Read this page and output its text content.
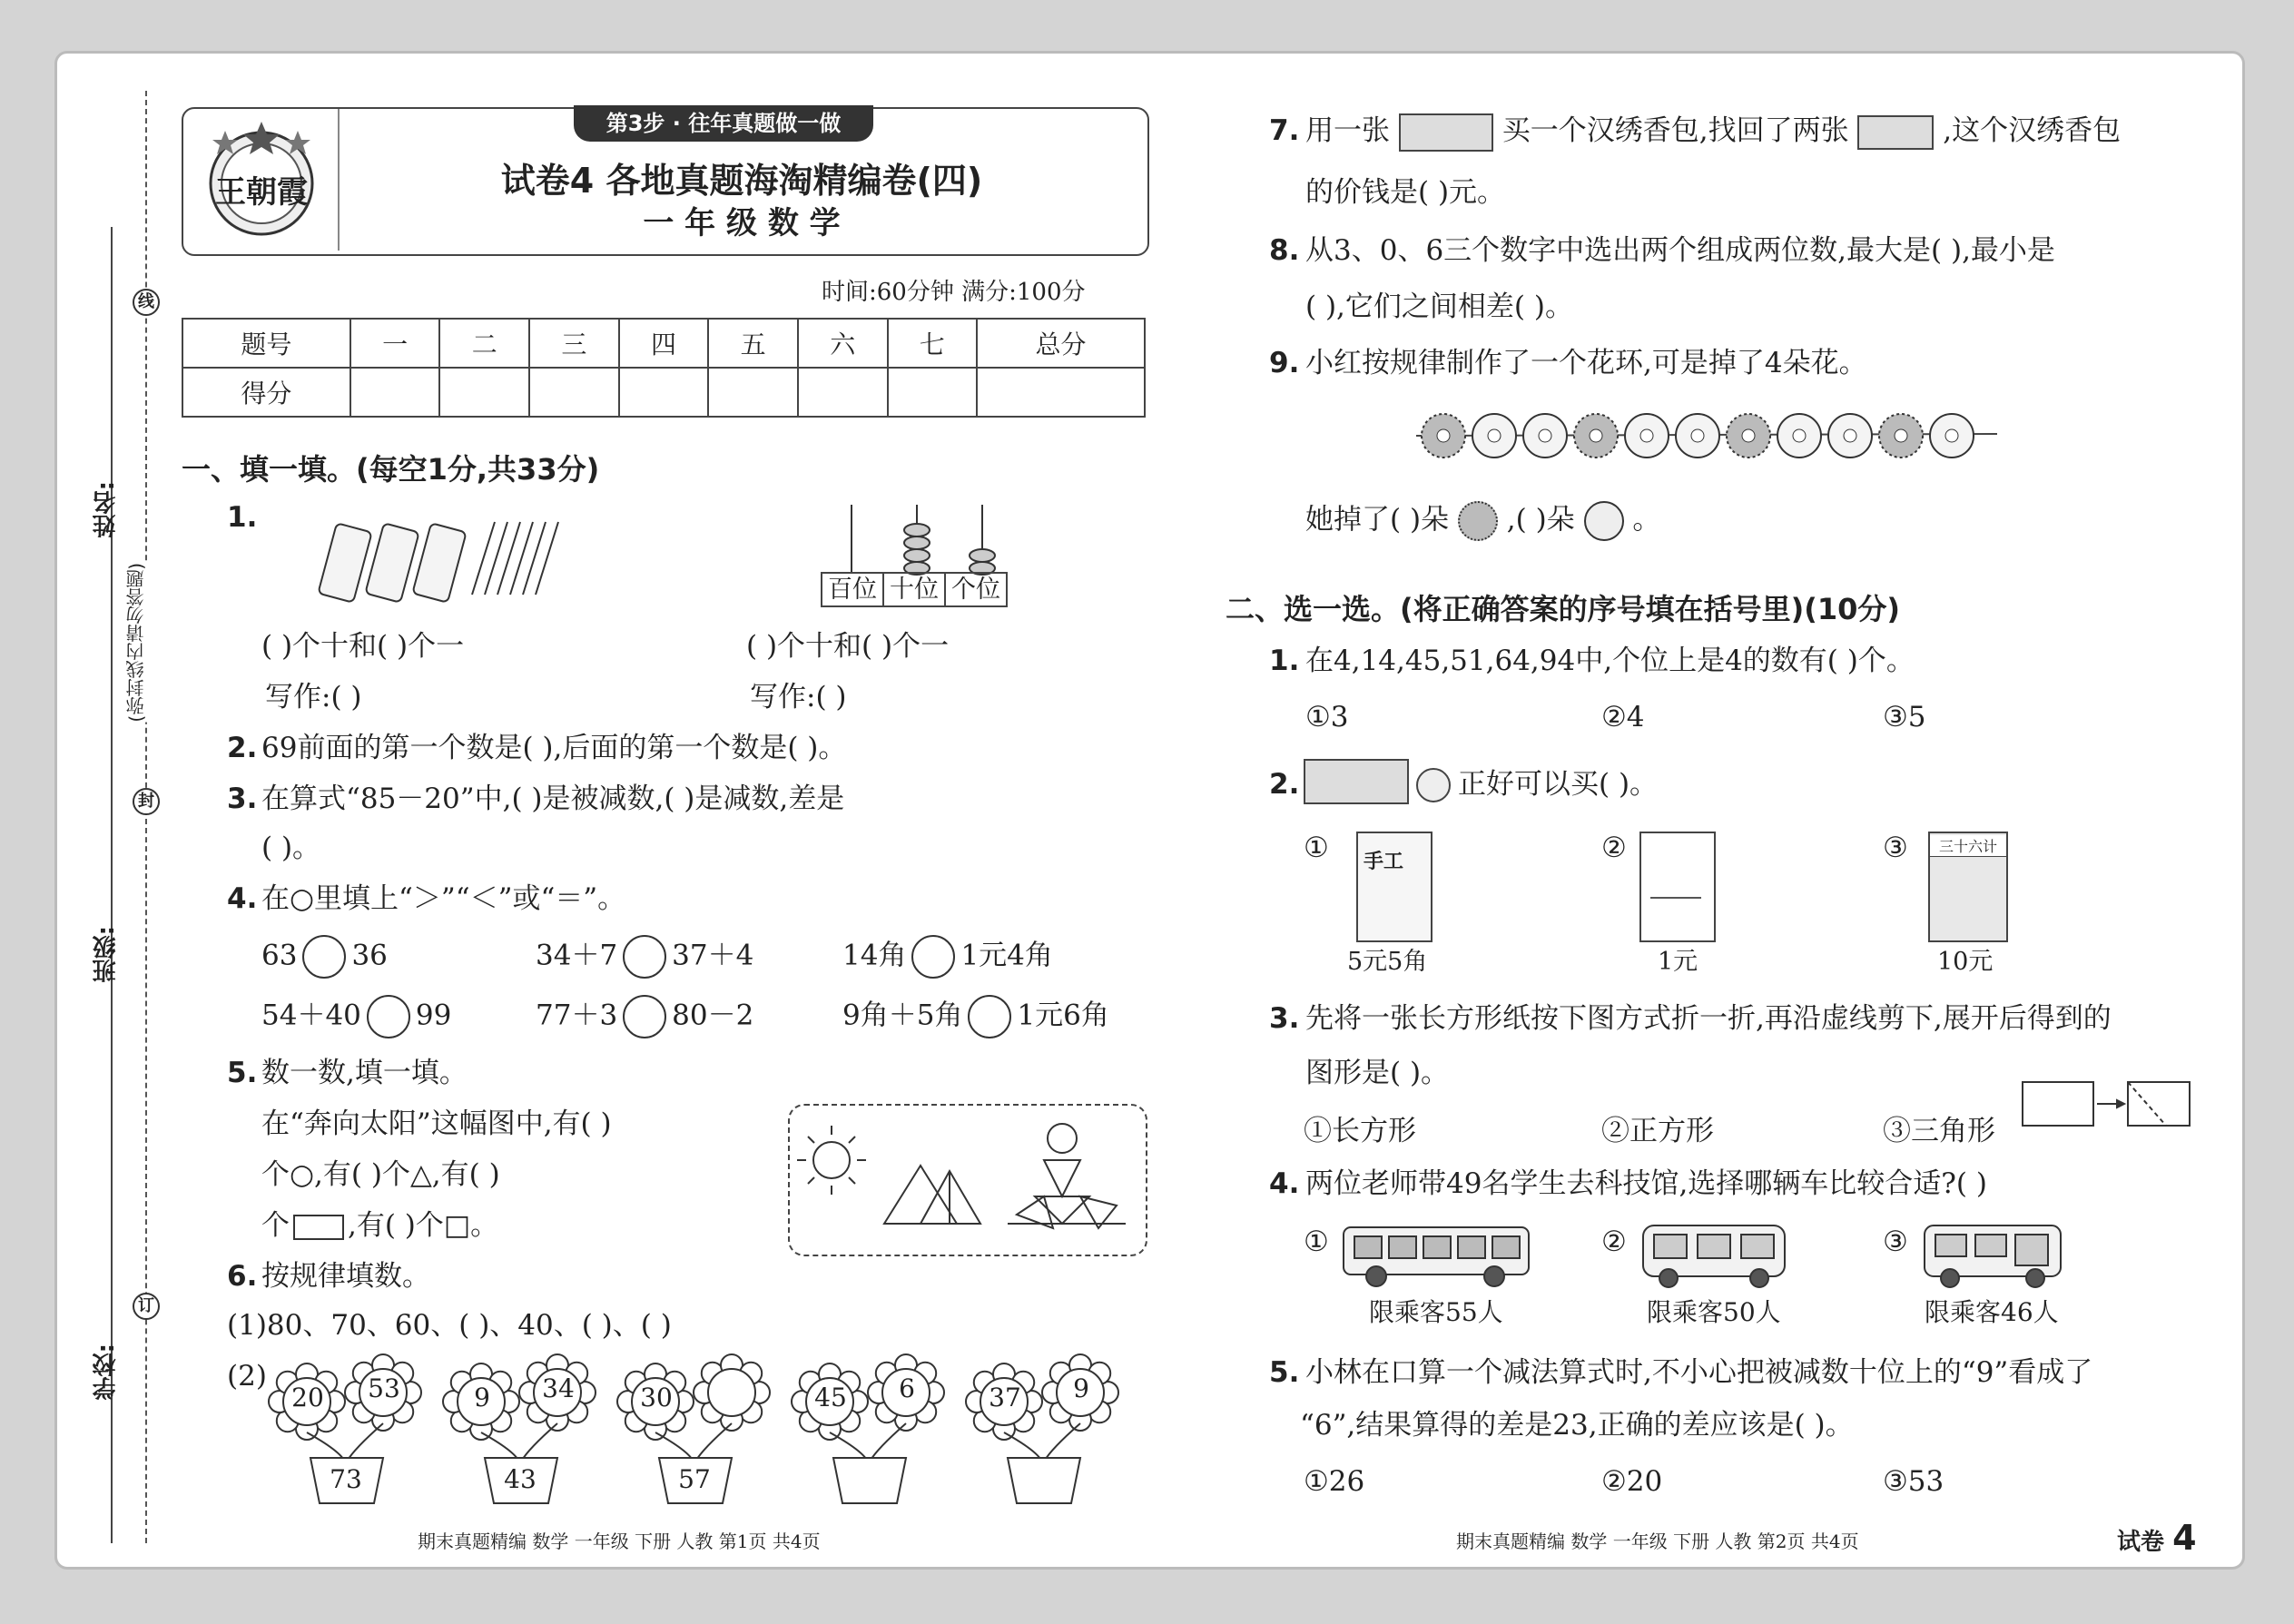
线
封
订
(弥封线内请勿答题)
姓名:
班级:
学校:
王朝霞
第3步 · 往年真题做一做
试卷4 各地真题海淘精编卷(四)
一 年 级 数 学
时间:60分钟 满分:100分
题号	一	二	三	四	五	六	七	总分
得分								
一、填一填。(每空1分,共33分)
1.
百位 十位 个位
( )个十和( )个一	( )个十和( )个一
写作:( )	写作:( )
2. 69前面的第一个数是( ),后面的第一个数是( )。
3. 在算式“85－20”中,( )是被减数,( )是减数,差是
( )。
4. 在○里填上“＞”“＜”或“＝”。
63 36	34＋7 37＋4	14角 1元4角
54＋40 99	77＋3 80－2	9角＋5角 1元6角
5. 数一数,填一填。
在“奔向太阳”这幅图中,有( )
个○,有( )个△,有( )
个 ,有( )个□。
6. 按规律填数。
(1)80、70、60、( )、40、( )、( )
(2)
20 53
73
9	34
43
30
57
45	6	37	9
期末真题精编 数学 一年级 下册 人教 第1页 共4页
7. 用一张	买一个汉绣香包,找回了两张	,这个汉绣香包
的价钱是( )元。
8. 从3、0、6三个数字中选出两个组成两位数,最大是( ),最小是
( ),它们之间相差( )。
9. 小红按规律制作了一个花环,可是掉了4朵花。
她掉了( )朵 ,( )朵 。
二、选一选。(将正确答案的序号填在括号里)(10分)
1. 在4,14,45,51,64,94中,个位上是4的数有( )个。
①3	②4	③5
2.	正好可以买( )。
① 手工
5元5角
②
1元
③	三十六计
10元
3. 先将一张长方形纸按下图方式折一折,再沿虚线剪下,展开后得到的
图形是( )。
①长方形	②正方形	③三角形
4. 两位老师带49名学生去科技馆,选择哪辆车比较合适?( )
①
限乘客55人
②
限乘客50人
③
限乘客46人
5. 小林在口算一个减法算式时,不小心把被减数十位上的“9”看成了
“6”,结果算得的差是23,正确的差应该是( )。
①26	②20	③53
期末真题精编 数学 一年级 下册 人教 第2页 共4页	试卷 4
